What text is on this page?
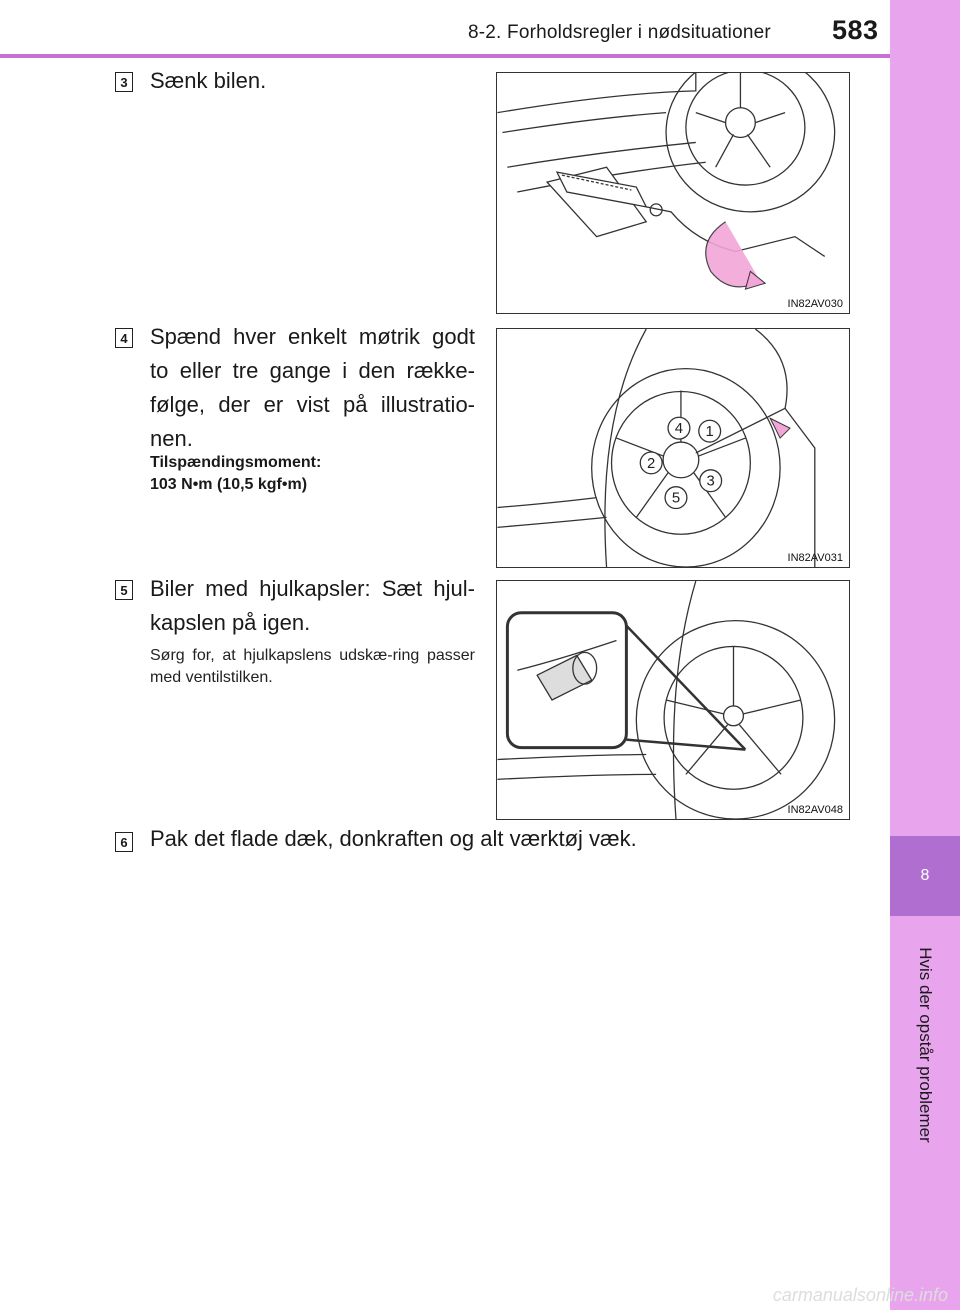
8-2. Forholdsregler i nødsituationer 583
8
Hvis der opstår problemer
3 Sænk bilen.
4 Spænd hver enkelt møtrik godt to eller tre gange i den række-følge, der er vist på illustratio-nen.
Tilspændingsmoment:
103 N•m (10,5 kgf•m)
5 Biler med hjulkapsler: Sæt hjul-kapslen på igen.
Sørg for, at hjulkapslens udskæ-ring passer med ventilstilken.
6 Pak det flade dæk, donkraften og alt værktøj væk.
IN82AV030
1
2
3
4
5
IN82AV031
IN82AV048
carmanualsonline.info
